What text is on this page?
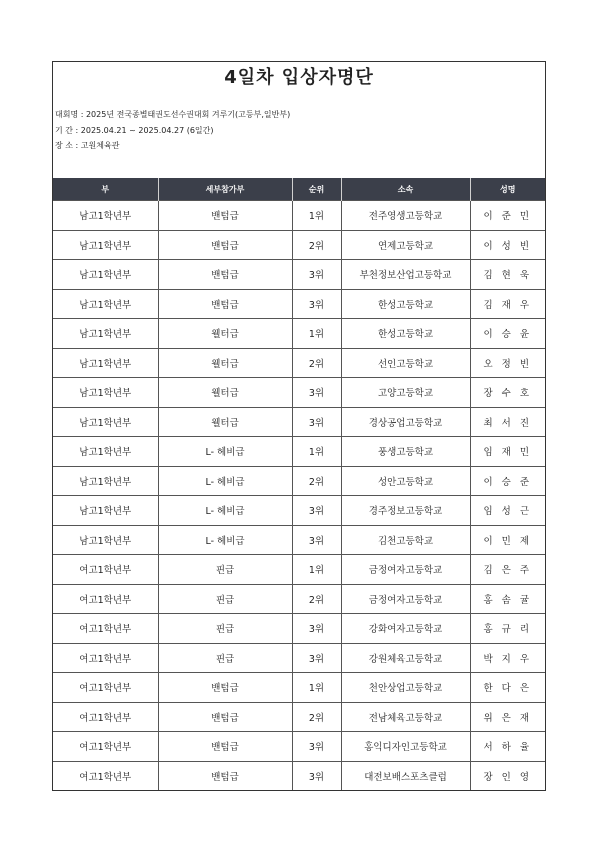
4일차 입상자명단
대회명 : 2025년 전국종별태권도선수권대회 겨루기(고등부,일반부)
기 간 : 2025.04.21 ~ 2025.04.27 (6일간)
장 소 : 고원체육관
부	세부참가부	순위	소속	성명
남고1학년부	밴텀급	1위	전주영생고등학교	이 준 민
남고1학년부	밴텀급	2위	연제고등학교	이 성 빈
남고1학년부	밴텀급	3위	부천정보산업고등학교	김 현 욱
남고1학년부	밴텀급	3위	한성고등학교	김 재 우
남고1학년부	웰터급	1위	한성고등학교	이 승 윤
남고1학년부	웰터급	2위	선인고등학교	오 정 빈
남고1학년부	웰터급	3위	고양고등학교	장 수 호
남고1학년부	웰터급	3위	경상공업고등학교	최 서 진
남고1학년부	L- 헤비급	1위	풍생고등학교	임 재 민
남고1학년부	L- 헤비급	2위	성안고등학교	이 승 준
남고1학년부	L- 헤비급	3위	경주정보고등학교	임 성 근
남고1학년부	L- 헤비급	3위	김천고등학교	이 민 제
여고1학년부	핀급	1위	금정여자고등학교	김 은 주
여고1학년부	핀급	2위	금정여자고등학교	홍 솜 귤
여고1학년부	핀급	3위	강화여자고등학교	홍 규 리
여고1학년부	핀급	3위	강원체육고등학교	박 지 우
여고1학년부	밴텀급	1위	천안상업고등학교	한 다 은
여고1학년부	밴텀급	2위	전남체육고등학교	위 은 재
여고1학년부	밴텀급	3위	홍익디자인고등학교	서 하 율
여고1학년부	밴텀급	3위	대전보배스포츠클럽	장 인 영
